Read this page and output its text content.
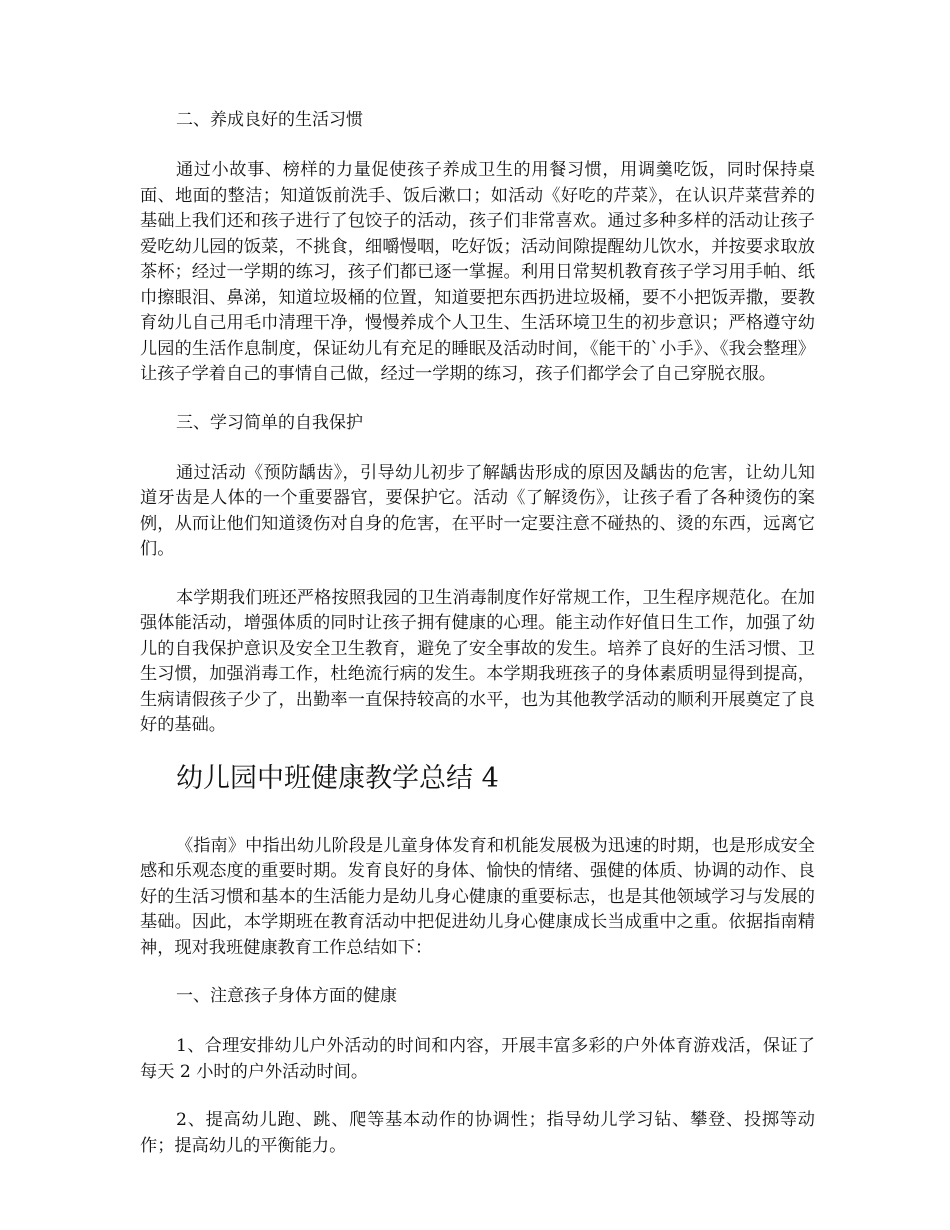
二、养成良好的生活习惯

通过小故事、榜样的力量促使孩子养成卫生的用餐习惯，用调羹吃饭，同时保持桌面、地面的整洁；知道饭前洗手、饭后漱口；如活动《好吃的芹菜》，在认识芹菜营养的基础上我们还和孩子进行了包饺子的活动，孩子们非常喜欢。通过多种多样的活动让孩子爱吃幼儿园的饭菜，不挑食，细嚼慢咽，吃好饭；活动间隙提醒幼儿饮水，并按要求取放茶杯；经过一学期的练习，孩子们都已逐一掌握。利用日常契机教育孩子学习用手帕、纸巾擦眼泪、鼻涕，知道垃圾桶的位置，知道要把东西扔进垃圾桶，要不小把饭弄撒，要教育幼儿自己用毛巾清理干净，慢慢养成个人卫生、生活环境卫生的初步意识；严格遵守幼儿园的生活作息制度，保证幼儿有充足的睡眠及活动时间，《能干的`小手》、《我会整理》让孩子学着自己的事情自己做，经过一学期的练习，孩子们都学会了自己穿脱衣服。

三、学习简单的自我保护

通过活动《预防龋齿》，引导幼儿初步了解龋齿形成的原因及龋齿的危害，让幼儿知道牙齿是人体的一个重要器官，要保护它。活动《了解烫伤》，让孩子看了各种烫伤的案例，从而让他们知道烫伤对自身的危害，在平时一定要注意不碰热的、烫的东西，远离它们。

本学期我们班还严格按照我园的卫生消毒制度作好常规工作，卫生程序规范化。在加强体能活动，增强体质的同时让孩子拥有健康的心理。能主动作好值日生工作，加强了幼儿的自我保护意识及安全卫生教育，避免了安全事故的发生。培养了良好的生活习惯、卫生习惯，加强消毒工作，杜绝流行病的发生。本学期我班孩子的身体素质明显得到提高，生病请假孩子少了，出勤率一直保持较高的水平，也为其他教学活动的顺利开展奠定了良好的基础。

幼儿园中班健康教学总结 4

《指南》中指出幼儿阶段是儿童身体发育和机能发展极为迅速的时期，也是形成安全感和乐观态度的重要时期。发育良好的身体、愉快的情绪、强健的体质、协调的动作、良好的生活习惯和基本的生活能力是幼儿身心健康的重要标志，也是其他领域学习与发展的基础。因此，本学期班在教育活动中把促进幼儿身心健康成长当成重中之重。依据指南精神，现对我班健康教育工作总结如下：

一、注意孩子身体方面的健康

1、合理安排幼儿户外活动的时间和内容，开展丰富多彩的户外体育游戏活，保证了每天 2 小时的户外活动时间。

2、提高幼儿跑、跳、爬等基本动作的协调性；指导幼儿学习钻、攀登、投掷等动作；提高幼儿的平衡能力。
